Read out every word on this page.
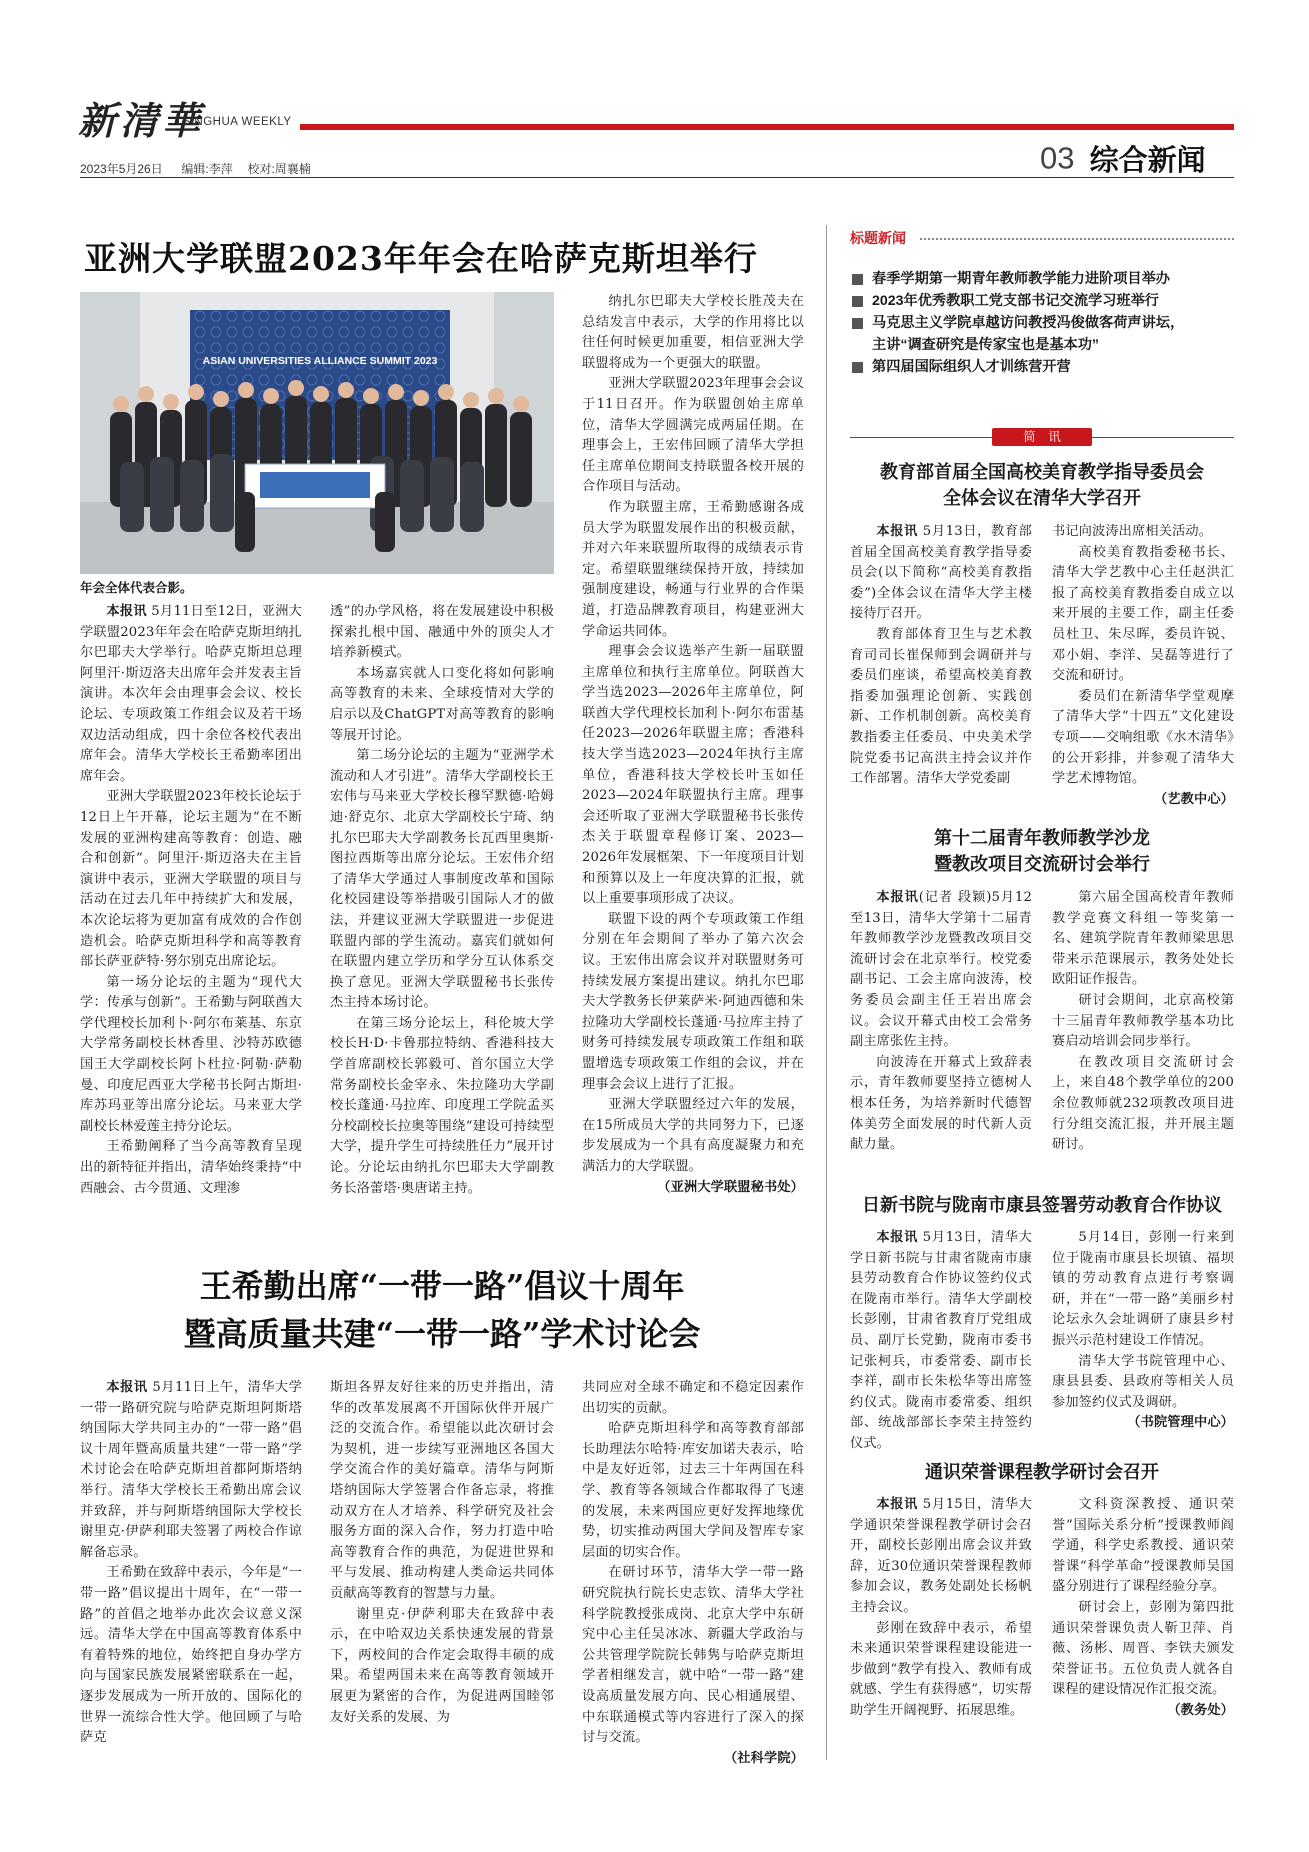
新清華
TSINGHUA WEEKLY
2023年5月26日 编辑:李萍 校对:周襄楠	03 综合新闻
亚洲大学联盟2023年年会在哈萨克斯坦举行
ASIAN UNIVERSITIES ALLIANCE SUMMIT 2023
年会全体代表合影。

本报讯 5月11日至12日，亚洲大学联盟2023年年会在哈萨克斯坦纳扎尔巴耶夫大学举行。哈萨克斯坦总理阿里汗·斯迈洛夫出席年会并发表主旨演讲。本次年会由理事会会议、校长论坛、专项政策工作组会议及若干场双边活动组成，四十余位各校代表出席年会。清华大学校长王希勤率团出席年会。

亚洲大学联盟2023年校长论坛于12日上午开幕，论坛主题为“在不断发展的亚洲构建高等教育：创造、融合和创新”。阿里汗·斯迈洛夫在主旨演讲中表示，亚洲大学联盟的项目与活动在过去几年中持续扩大和发展，本次论坛将为更加富有成效的合作创造机会。哈萨克斯坦科学和高等教育部长萨亚萨特·努尔别克出席论坛。

第一场分论坛的主题为“现代大学：传承与创新”。王希勤与阿联酋大学代理校长加利卜·阿尔布莱基、东京大学常务副校长林香里、沙特苏欧德国王大学副校长阿卜杜拉·阿勒·萨勒曼、印度尼西亚大学秘书长阿古斯坦·库苏玛亚等出席分论坛。马来亚大学副校长林爱莲主持分论坛。

王希勤阐释了当今高等教育呈现出的新特征并指出，清华始终秉持“中西融会、古今贯通、文理渗

透”的办学风格，将在发展建设中积极探索扎根中国、融通中外的顶尖人才培养新模式。

本场嘉宾就人口变化将如何影响高等教育的未来、全球疫情对大学的启示以及ChatGPT对高等教育的影响等展开讨论。

第二场分论坛的主题为“亚洲学术流动和人才引进”。清华大学副校长王宏伟与马来亚大学校长穆罕默德·哈姆迪·舒克尔、北京大学副校长宁琦、纳扎尔巴耶夫大学副教务长瓦西里奥斯·图拉西斯等出席分论坛。王宏伟介绍了清华大学通过人事制度改革和国际化校园建设等举措吸引国际人才的做法，并建议亚洲大学联盟进一步促进联盟内部的学生流动。嘉宾们就如何在联盟内建立学历和学分互认体系交换了意见。亚洲大学联盟秘书长张传杰主持本场讨论。

在第三场分论坛上，科伦坡大学校长H·D·卡鲁那拉特纳、香港科技大学首席副校长郭毅可、首尔国立大学常务副校长金宰永、朱拉隆功大学副校长蓬通·马拉库、印度理工学院孟买分校副校长拉奥等围绕“建设可持续型大学，提升学生可持续胜任力”展开讨论。分论坛由纳扎尔巴耶夫大学副教务长洛蕾塔·奥唐诺主持。

纳扎尔巴耶夫大学校长胜茂夫在总结发言中表示，大学的作用将比以往任何时候更加重要，相信亚洲大学联盟将成为一个更强大的联盟。

亚洲大学联盟2023年理事会会议于11日召开。作为联盟创始主席单位，清华大学圆满完成两届任期。在理事会上，王宏伟回顾了清华大学担任主席单位期间支持联盟各校开展的合作项目与活动。

作为联盟主席，王希勤感谢各成员大学为联盟发展作出的积极贡献，并对六年来联盟所取得的成绩表示肯定。希望联盟继续保持开放，持续加强制度建设，畅通与行业界的合作渠道，打造品牌教育项目，构建亚洲大学命运共同体。

理事会会议选举产生新一届联盟主席单位和执行主席单位。阿联酋大学当选2023—2026年主席单位，阿联酋大学代理校长加利卜·阿尔布雷基任2023—2026年联盟主席；香港科技大学当选2023—2024年执行主席单位，香港科技大学校长叶玉如任2023—2024年联盟执行主席。理事会还听取了亚洲大学联盟秘书长张传杰关于联盟章程修订案、2023—2026年发展框架、下一年度项目计划和预算以及上一年度决算的汇报，就以上重要事项形成了决议。

联盟下设的两个专项政策工作组分别在年会期间了举办了第六次会议。王宏伟出席会议并对联盟财务可持续发展方案提出建议。纳扎尔巴耶夫大学教务长伊莱萨米·阿迪西德和朱拉隆功大学副校长蓬通·马拉库主持了财务可持续发展专项政策工作组和联盟增选专项政策工作组的会议，并在理事会会议上进行了汇报。

亚洲大学联盟经过六年的发展，在15所成员大学的共同努力下，已逐步发展成为一个具有高度凝聚力和充满活力的大学联盟。

（亚洲大学联盟秘书处）

王希勤出席“一带一路”倡议十周年
暨高质量共建“一带一路”学术讨论会

本报讯 5月11日上午，清华大学一带一路研究院与哈萨克斯坦阿斯塔纳国际大学共同主办的“一带一路”倡议十周年暨高质量共建“一带一路”学术讨论会在哈萨克斯坦首都阿斯塔纳举行。清华大学校长王希勤出席会议并致辞，并与阿斯塔纳国际大学校长谢里克·伊萨利耶夫签署了两校合作谅解备忘录。

王希勤在致辞中表示，今年是“一带一路”倡议提出十周年，在“一带一路”的首倡之地举办此次会议意义深远。清华大学在中国高等教育体系中有着特殊的地位，始终把自身办学方向与国家民族发展紧密联系在一起，逐步发展成为一所开放的、国际化的世界一流综合性大学。他回顾了与哈萨克

斯坦各界友好往来的历史并指出，清华的改革发展离不开国际伙伴开展广泛的交流合作。希望能以此次研讨会为契机，进一步续写亚洲地区各国大学交流合作的美好篇章。清华与阿斯塔纳国际大学签署合作备忘录，将推动双方在人才培养、科学研究及社会服务方面的深入合作，努力打造中哈高等教育合作的典范，为促进世界和平与发展、推动构建人类命运共同体贡献高等教育的智慧与力量。

谢里克·伊萨利耶夫在致辞中表示，在中哈双边关系快速发展的背景下，两校间的合作定会取得丰硕的成果。希望两国未来在高等教育领域开展更为紧密的合作，为促进两国睦邻友好关系的发展、为

共同应对全球不确定和不稳定因素作出切实的贡献。

哈萨克斯坦科学和高等教育部部长助理法尔哈特·库安加诺夫表示，哈中是友好近邻，过去三十年两国在科学、教育等各领域合作都取得了飞速的发展，未来两国应更好发挥地缘优势，切实推动两国大学间及智库专家层面的切实合作。

在研讨环节，清华大学一带一路研究院执行院长史志钦、清华大学社科学院教授张成岗、北京大学中东研究中心主任吴冰冰、新疆大学政治与公共管理学院院长韩隽与哈萨克斯坦学者相继发言，就中哈“一带一路”建设高质量发展方向、民心相通展望、中东联通模式等内容进行了深入的探讨与交流。

（社科学院）

标题新闻
春季学期第一期青年教师教学能力进阶项目举办
2023年优秀教职工党支部书记交流学习班举行
马克思主义学院卓越访问教授冯俊做客荷声讲坛，
主讲“调查研究是传家宝也是基本功”
第四届国际组织人才训练营开营
简　讯
教育部首届全国高校美育教学指导委员会
全体会议在清华大学召开

本报讯 5月13日，教育部首届全国高校美育教学指导委员会(以下简称“高校美育教指委”)全体会议在清华大学主楼接待厅召开。

教育部体育卫生与艺术教育司司长崔保师到会调研并与委员们座谈，希望高校美育教指委加强理论创新、实践创新、工作机制创新。高校美育教指委主任委员、中央美术学院党委书记高洪主持会议并作工作部署。清华大学党委副

书记向波涛出席相关活动。

高校美育教指委秘书长、清华大学艺教中心主任赵洪汇报了高校美育教指委自成立以来开展的主要工作，副主任委员杜卫、朱尽晖，委员许锐、邓小娟、李洋、吴磊等进行了交流和研讨。

委员们在新清华学堂观摩了清华大学“十四五”文化建设专项——交响组歌《水木清华》的公开彩排，并参观了清华大学艺术博物馆。

（艺教中心）

第十二届青年教师教学沙龙
暨教改项目交流研讨会举行

本报讯(记者 段颖)5月12至13日，清华大学第十二届青年教师教学沙龙暨教改项目交流研讨会在北京举行。校党委副书记、工会主席向波涛，校务委员会副主任王岩出席会议。会议开幕式由校工会常务副主席张佐主持。

向波涛在开幕式上致辞表示，青年教师要坚持立德树人根本任务，为培养新时代德智体美劳全面发展的时代新人贡献力量。

第六届全国高校青年教师教学竞赛文科组一等奖第一名、建筑学院青年教师梁思思带来示范课展示，教务处处长欧阳证作报告。

研讨会期间，北京高校第十三届青年教师教学基本功比赛启动培训会同步举行。

在教改项目交流研讨会上，来自48个教学单位的200余位教师就232项教改项目进行分组交流汇报，并开展主题研讨。

日新书院与陇南市康县签署劳动教育合作协议

本报讯 5月13日，清华大学日新书院与甘肃省陇南市康县劳动教育合作协议签约仪式在陇南市举行。清华大学副校长彭刚，甘肃省教育厅党组成员、副厅长党勤，陇南市委书记张柯兵，市委常委、副市长李祥，副市长朱松华等出席签约仪式。陇南市委常委、组织部、统战部部长李荣主持签约仪式。

5月14日，彭刚一行来到位于陇南市康县长坝镇、福坝镇的劳动教育点进行考察调研，并在“一带一路”美丽乡村论坛永久会址调研了康县乡村振兴示范村建设工作情况。

清华大学书院管理中心、康县县委、县政府等相关人员参加签约仪式及调研。

（书院管理中心）

通识荣誉课程教学研讨会召开

本报讯 5月15日，清华大学通识荣誉课程教学研讨会召开，副校长彭刚出席会议并致辞，近30位通识荣誉课程教师参加会议，教务处副处长杨帆主持会议。

彭刚在致辞中表示，希望未来通识荣誉课程建设能进一步做到“教学有投入、教师有成就感、学生有获得感”，切实帮助学生开阔视野、拓展思维。

文科资深教授、通识荣誉“国际关系分析”授课教师阎学通，科学史系教授、通识荣誉课“科学革命”授课教师吴国盛分别进行了课程经验分享。

研讨会上，彭刚为第四批通识荣誉课负责人靳卫萍、肖薇、汤彬、周晋、李铁夫颁发荣誉证书。五位负责人就各自课程的建设情况作汇报交流。

（教务处）
